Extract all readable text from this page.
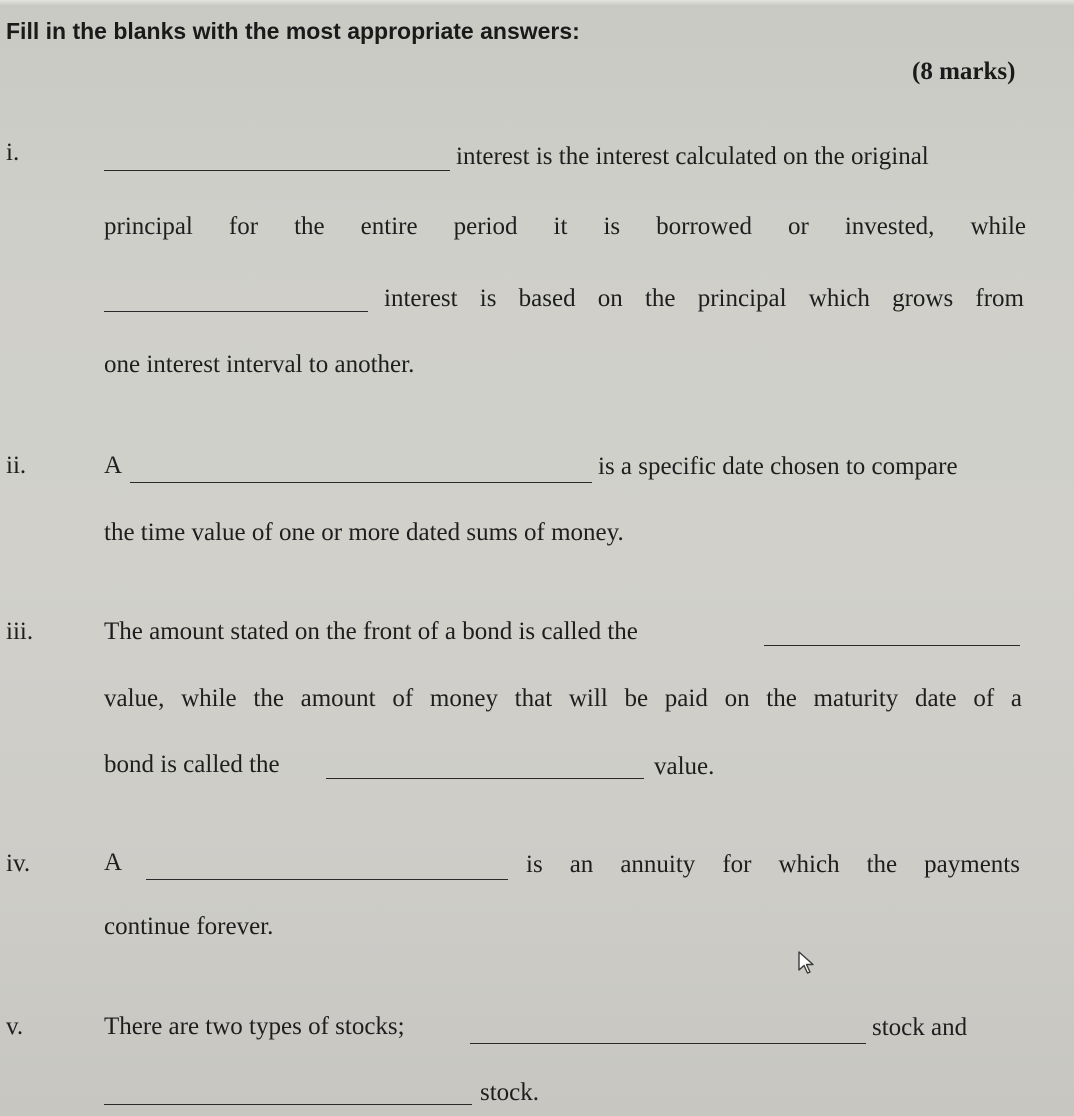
Fill in the blanks with the most appropriate answers:
(8 marks)
i.	interest is the interest calculated on the original
principal for the entire period it is borrowed or invested, while
interest is based on the principal which grows from
one interest interval to another.
ii.	A	is a specific date chosen to compare
the time value of one or more dated sums of money.
iii.	The amount stated on the front of a bond is called the
value, while the amount of money that will be paid on the maturity date of a
bond is called the	value.
iv.	A	is an annuity for which the payments
continue forever.
v.	There are two types of stocks;	stock and
stock.
